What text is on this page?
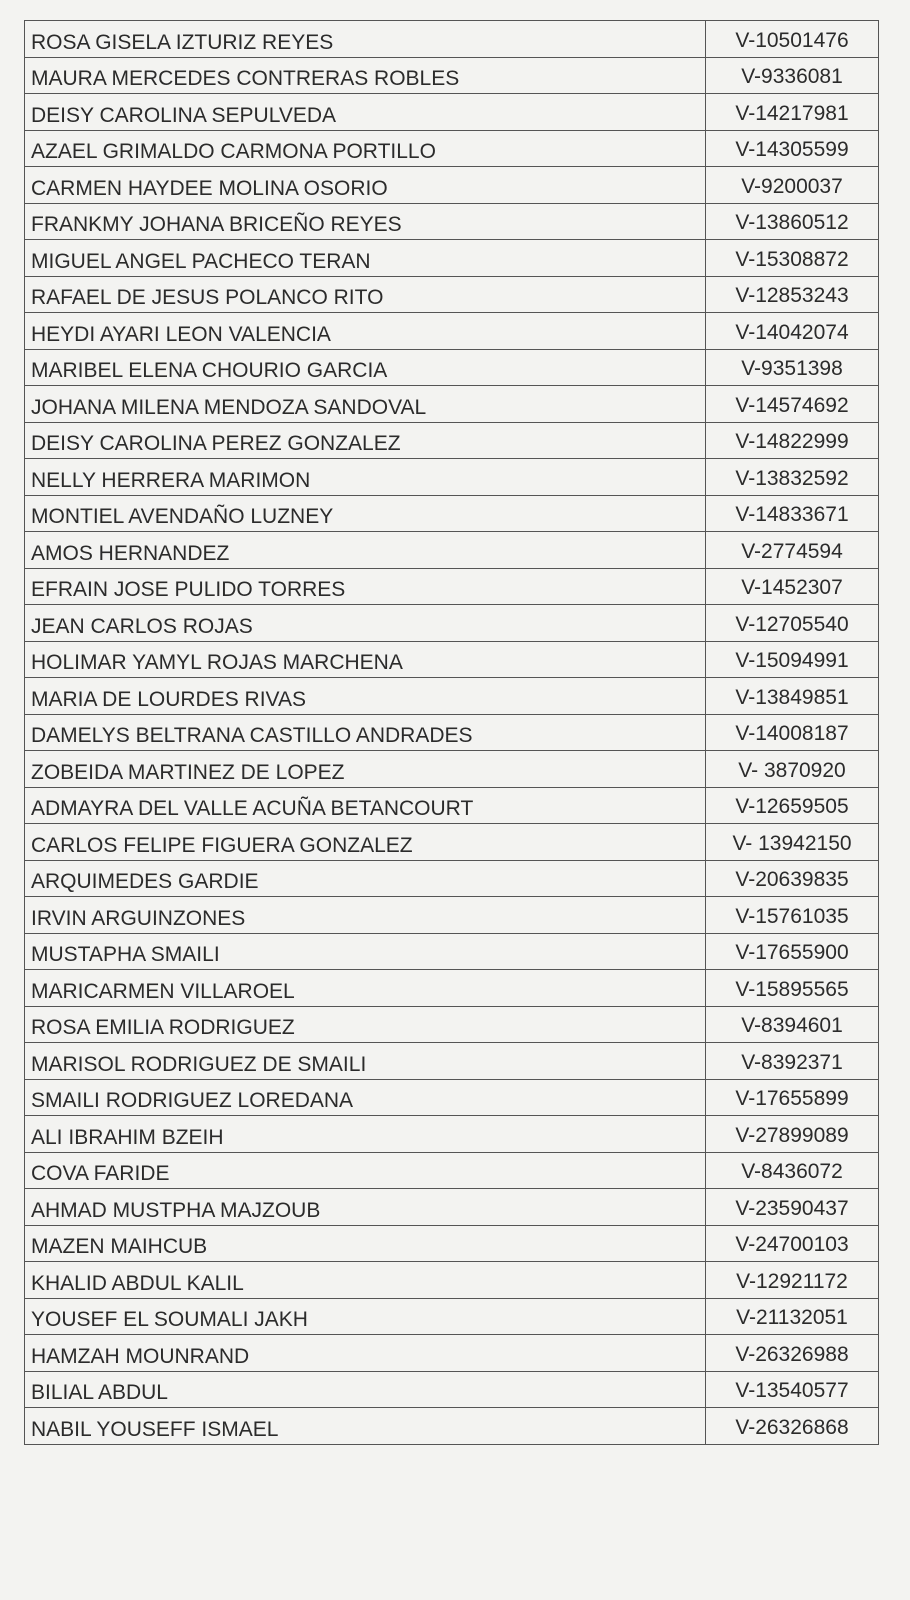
ROSA GISELA IZTURIZ REYES	V-10501476
MAURA MERCEDES CONTRERAS ROBLES	V-9336081
DEISY CAROLINA SEPULVEDA	V-14217981
AZAEL GRIMALDO CARMONA PORTILLO	V-14305599
CARMEN HAYDEE MOLINA OSORIO	V-9200037
FRANKMY JOHANA BRICEÑO REYES	V-13860512
MIGUEL ANGEL PACHECO TERAN	V-15308872
RAFAEL DE JESUS POLANCO RITO	V-12853243
HEYDI AYARI LEON VALENCIA	V-14042074
MARIBEL ELENA CHOURIO GARCIA	V-9351398
JOHANA MILENA MENDOZA SANDOVAL	V-14574692
DEISY CAROLINA PEREZ GONZALEZ	V-14822999
NELLY HERRERA MARIMON	V-13832592
MONTIEL AVENDAÑO LUZNEY	V-14833671
AMOS HERNANDEZ	V-2774594
EFRAIN JOSE PULIDO TORRES	V-1452307
JEAN CARLOS ROJAS	V-12705540
HOLIMAR YAMYL ROJAS MARCHENA	V-15094991
MARIA DE LOURDES RIVAS	V-13849851
DAMELYS BELTRANA CASTILLO ANDRADES	V-14008187
ZOBEIDA MARTINEZ DE LOPEZ	V- 3870920
ADMAYRA DEL VALLE ACUÑA BETANCOURT	V-12659505
CARLOS FELIPE FIGUERA GONZALEZ	V- 13942150
ARQUIMEDES GARDIE	V-20639835
IRVIN ARGUINZONES	V-15761035
MUSTAPHA SMAILI	V-17655900
MARICARMEN VILLAROEL	V-15895565
ROSA EMILIA RODRIGUEZ	V-8394601
MARISOL RODRIGUEZ DE SMAILI	V-8392371
SMAILI RODRIGUEZ LOREDANA	V-17655899
ALI IBRAHIM BZEIH	V-27899089
COVA FARIDE	V-8436072
AHMAD MUSTPHA MAJZOUB	V-23590437
MAZEN MAIHCUB	V-24700103
KHALID ABDUL KALIL	V-12921172
YOUSEF EL SOUMALI JAKH	V-21132051
HAMZAH MOUNRAND	V-26326988
BILIAL ABDUL	V-13540577
NABIL YOUSEFF ISMAEL	V-26326868
